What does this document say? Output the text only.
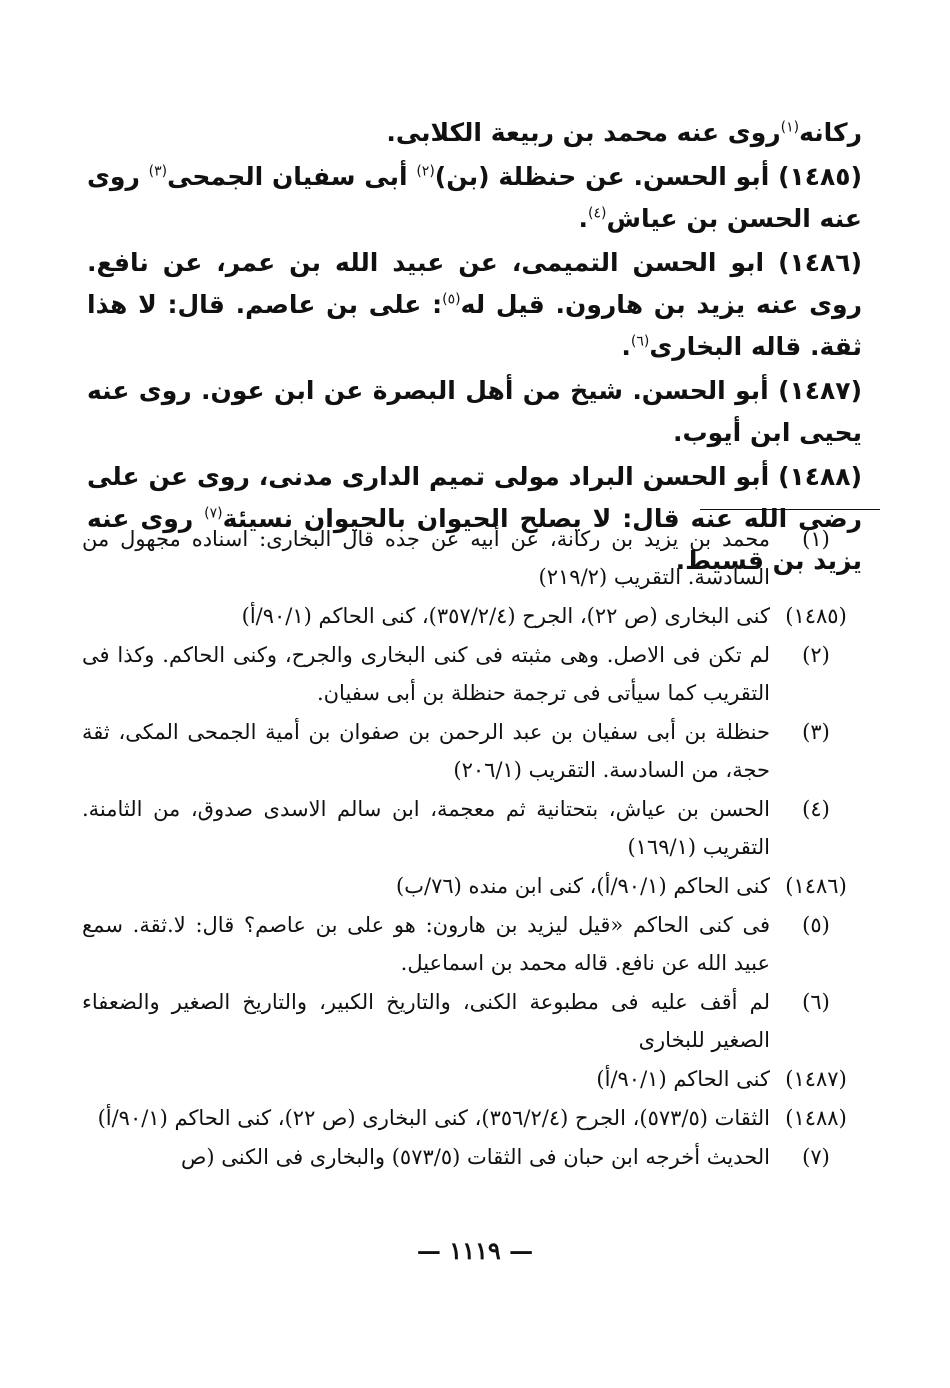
ركانه$^{(١)}$روى عنه محمد بن ربيعة الكلابى.

(١٤٨٥) أبو الحسن. عن حنظلة (بن)$^{(٢)}$ أبى سفيان الجمحى$^{(٣)}$ روى عنه الحسن بن عياش$^{(٤)}$.

(١٤٨٦) ابو الحسن التميمى، عن عبيد الله بن عمر، عن نافع. روى عنه يزيد بن هارون. قيل له$^{(٥)}$: على بن عاصم. قال: لا هذا ثقة. قاله البخارى$^{(٦)}$.

(١٤٨٧) أبو الحسن. شيخ من أهل البصرة عن ابن عون. روى عنه يحيى ابن أيوب.

(١٤٨٨) أبو الحسن البراد مولى تميم الدارى مدنى، روى عن على رضى الله عنه قال: لا يصلح الحيوان بالحيوان نسيئة$^{(٧)}$ روى عنه يزيد بن قسيط.

(١)
محمد بن يزيد بن ركانة، عن أبيه عن جده قال البخارى: اسناده مجهول من السادسة. التقريب (٢١٩/٢)
(١٤٨٥)
كنى البخارى (ص ٢٢)، الجرح (٣٥٧/٢/٤)، كنى الحاكم (٩٠/١/أ)
(٢)
لم تكن فى الاصل. وهى مثبته فى كنى البخارى والجرح، وكنى الحاكم. وكذا فى التقريب كما سيأتى فى ترجمة حنظلة بن أبى سفيان.
(٣)
حنظلة بن أبى سفيان بن عبد الرحمن بن صفوان بن أمية الجمحى المكى، ثقة حجة، من السادسة. التقريب (٢٠٦/١)
(٤)
الحسن بن عياش، بتحتانية ثم معجمة، ابن سالم الاسدى صدوق، من الثامنة. التقريب (١٦٩/١)
(١٤٨٦)
كنى الحاكم (٩٠/١/أ)، كنى ابن منده (٧٦/ب)
(٥)
فى كنى الحاكم «قيل ليزيد بن هارون: هو على بن عاصم؟ قال: لا.ثقة. سمع عبيد الله عن نافع. قاله محمد بن اسماعيل.
(٦)
لم أقف عليه فى مطبوعة الكنى، والتاريخ الكبير، والتاريخ الصغير والضعفاء الصغير للبخارى
(١٤٨٧)
كنى الحاكم (٩٠/١/أ)
(١٤٨٨)
الثقات (٥٧٣/٥)، الجرح (٣٥٦/٢/٤)، كنى البخارى (ص ٢٢)، كنى الحاكم (٩٠/١/أ)
(٧)
الحديث أخرجه ابن حبان فى الثقات (٥٧٣/٥) والبخارى فى الكنى (ص
— ١١١٩ —
